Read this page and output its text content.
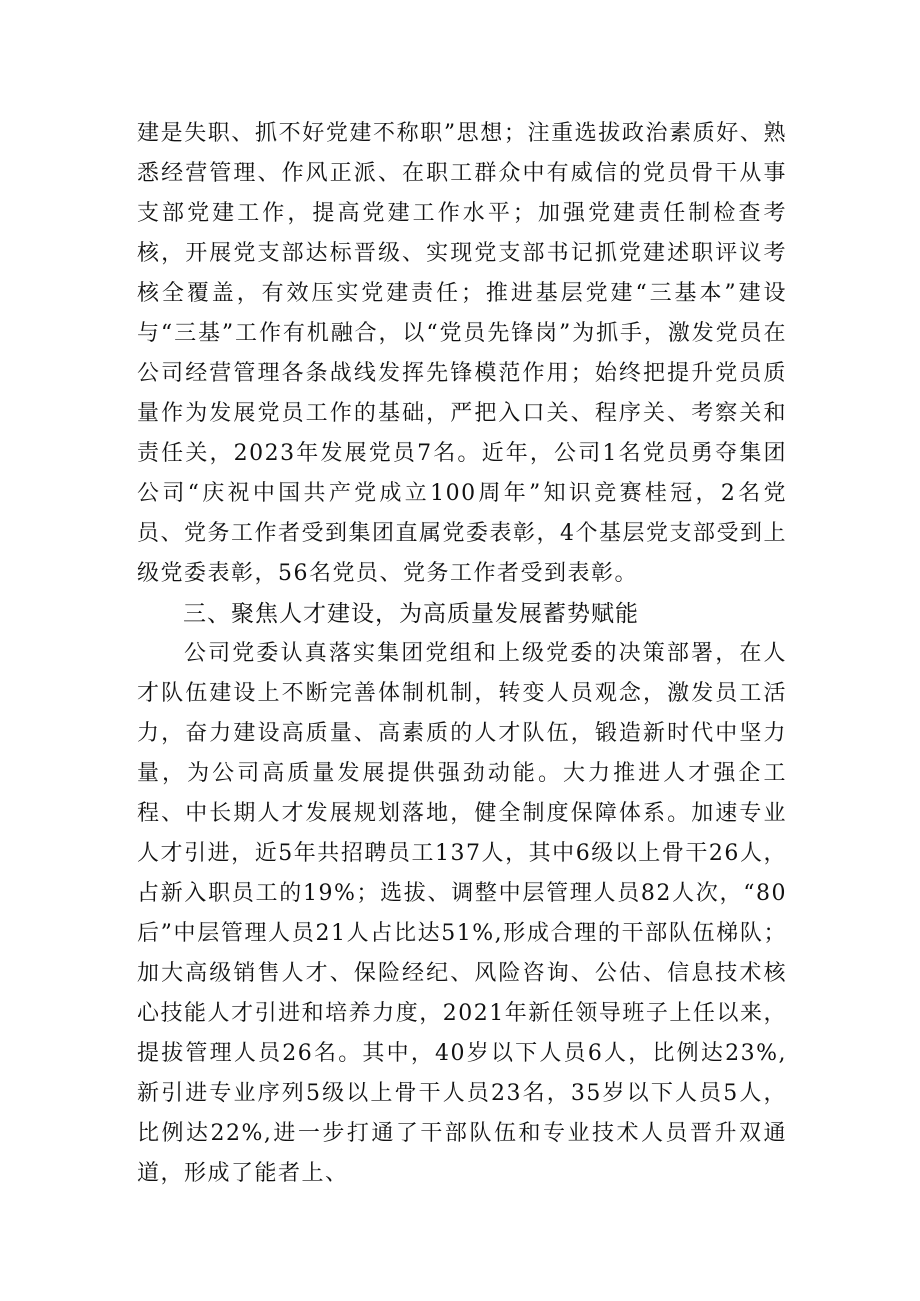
建是失职、抓不好党建不称职”思想；注重选拔政治素质好、熟悉经营管理、作风正派、在职工群众中有威信的党员骨干从事支部党建工作，提高党建工作水平；加强党建责任制检查考核，开展党支部达标晋级、实现党支部书记抓党建述职评议考核全覆盖，有效压实党建责任；推进基层党建“三基本”建设与“三基”工作有机融合，以“党员先锋岗”为抓手，激发党员在公司经营管理各条战线发挥先锋模范作用；始终把提升党员质量作为发展党员工作的基础，严把入口关、程序关、考察关和责任关，2023年发展党员7名。近年，公司1名党员勇夺集团公司“庆祝中国共产党成立100周年”知识竞赛桂冠，2名党员、党务工作者受到集团直属党委表彰，4个基层党支部受到上级党委表彰，56名党员、党务工作者受到表彰。

三、聚焦人才建设，为高质量发展蓄势赋能

公司党委认真落实集团党组和上级党委的决策部署，在人才队伍建设上不断完善体制机制，转变人员观念，激发员工活力，奋力建设高质量、高素质的人才队伍，锻造新时代中坚力量，为公司高质量发展提供强劲动能。大力推进人才强企工程、中长期人才发展规划落地，健全制度保障体系。加速专业人才引进，近5年共招聘员工137人，其中6级以上骨干26人，占新入职员工的19%；选拔、调整中层管理人员82人次，“80后”中层管理人员21人占比达51%,形成合理的干部队伍梯队；加大高级销售人才、保险经纪、风险咨询、公估、信息技术核心技能人才引进和培养力度，2021年新任领导班子上任以来，提拔管理人员26名。其中，40岁以下人员6人，比例达23%,新引进专业序列5级以上骨干人员23名，35岁以下人员5人，比例达22%,进一步打通了干部队伍和专业技术人员晋升双通道，形成了能者上、
